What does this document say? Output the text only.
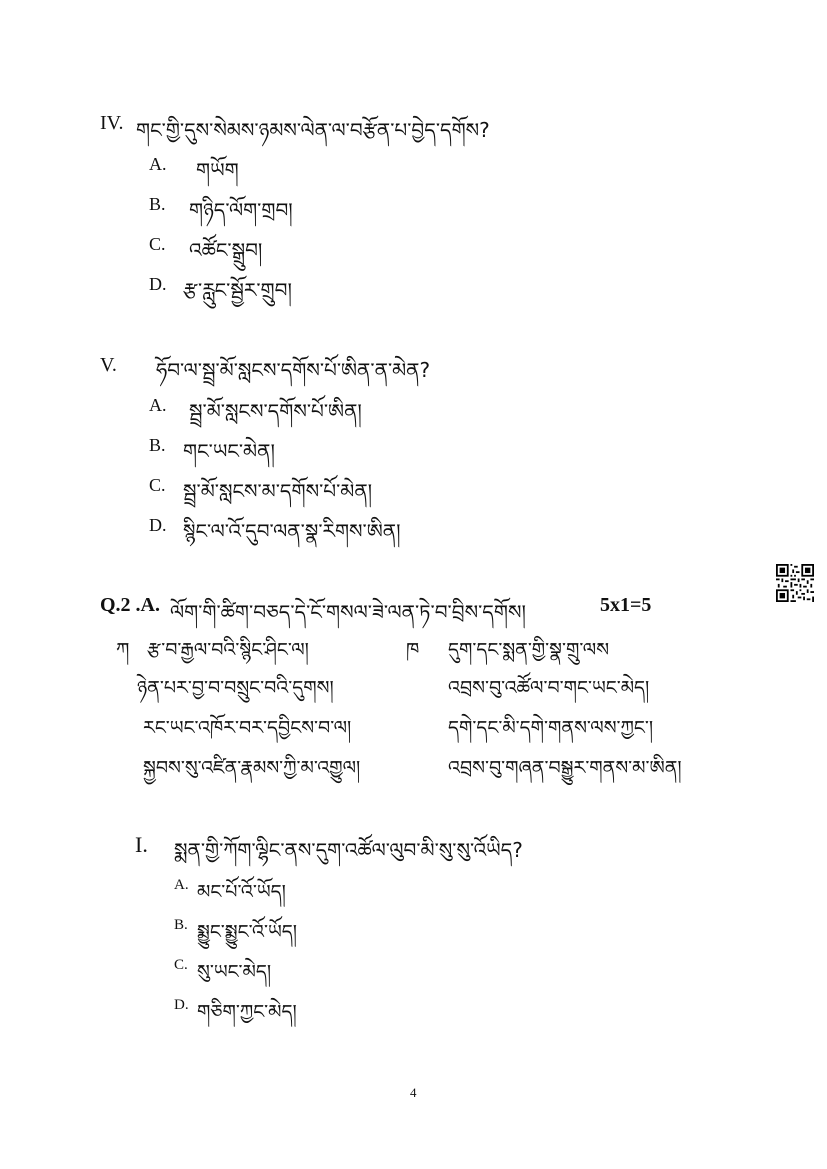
IV. གང་གྱི་དུས་སེམས་ཉམས་ལེན་ལ་བརྩོན་པ་བྱེད་དགོས?
A. གཡོག
B. གཉིད་ལོག་གྲབ།
C. འཚོང་སྒྲུབ།
D. རྩ་རླུང་སྦྱོར་གྲུབ།
V. ཧོབ་ལ་སྦྲ་མོ་སླངས་དགོས་པོ་ཨིན་ན་མེན?
A. སྦྲ་མོ་སླངས་དགོས་པོ་ཨིན།
B. གང་ཡང་མེན།
C. སྦྲ་མོ་སླངས་མ་དགོས་པོ་མེན།
D. སྙིང་ལ་འོ་དུབ་ལན་སྣ་རིགས་ཨིན།
Q.2 .A. ལོག་གི་ཚིག་བཅད་དེ་ངོ་གསལ་ཟེ་ལན་ཏེ་བ་བྲིས་དགོས།	5x1=5
ཀ རྩ་བ་རྒྱལ་བའི་སྙིང་ཤིང་ལ།
ཉེན་པར་བྱ་བ་བསྲུང་བའི་དུགས།
རང་ཡང་འཁོར་བར་དབྱིངས་བ་ལ།
སྐྱབས་སུ་འཛིན་རྣམས་ཀྱི་མ་འགྱུལ།
ཁ དུག་དང་སྨན་གྱི་སྣ་གྲུ་ལས
འབྲས་བུ་འཚོལ་བ་གང་ཡང་མེད།
དགེ་དང་མི་དགེ་གནས་ལས་ཀྱང་།
འབྲས་བུ་གཞན་བསྒྱུར་གནས་མ་ཨིན།
I. སྨན་གྱི་ཀོག་ལྷིང་ནས་དུག་འཚོལ་ལུབ་མི་སུ་སུ་འོཡིད?
A. མང་པོ་འོ་ཡོད།
B. སྨྱུང་སྨྱུང་འོ་ཡོད།
C. སུ་ཡང་མེད།
D. གཅིག་ཀྱང་མེད།
4
